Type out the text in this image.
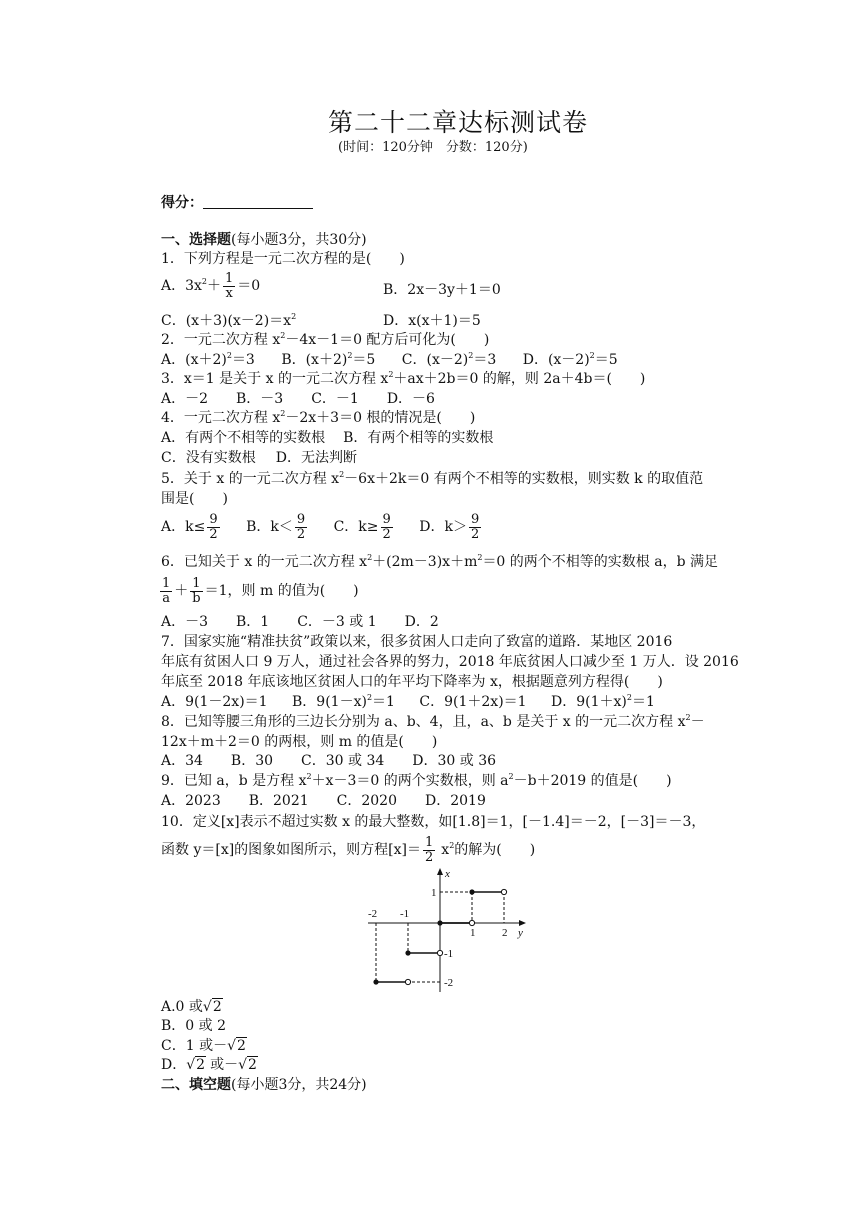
第二十二章达标测试卷
(时间：120分钟　分数：120分)
得分：
一、选择题(每小题3分，共30分)
1．下列方程是一元二次方程的是(　　)
A．$3x^2+ \frac{1}{x} =0$	B．2x－3y＋1＝0
C．$(x+3)(x-2)=x^2$	D．x(x＋1)＝5
2．一元二次方程 $x^2-4x-1=0$ 配方后可化为(　　)
A．$(x+2)^2=3$ B．$(x+2)^2=5$ C．$(x-2)^2=3$ D．$(x-2)^2=5$
3．x＝1 是关于 x 的一元二次方程 $x^2+ax+2b=0$ 的解，则 2a＋4b＝(　　)
A．－2　　B．－3　　C．－1　　D．－6
4．一元二次方程 $x^2-2x+3=0$ 根的情况是(　　)
A．有两个不相等的实数根 B．有两个相等的实数根
C．没有实数根 D．无法判断
5．关于 x 的一元二次方程 $x^2-6x+2k=0$ 有两个不相等的实数根，则实数 k 的取值范
围是(　　)
A．$k\le \frac{9}{2}$ B．$k< \frac{9}{2}$ C．$k\ge \frac{9}{2}$ D．$k> \frac{9}{2}$
6．已知关于 x 的一元二次方程 $x^2+(2m-3)x+m^2=0$ 的两个不相等的实数根 a，b 满足
$\frac{1}{a} + \frac{1}{b} =1$，则 m 的值为(　　)
A．－3　　B．1　　C．－3 或 1　　D．2
7．国家实施“精准扶贫”政策以来，很多贫困人口走向了致富的道路．某地区 2016
年底有贫困人口 9 万人，通过社会各界的努力，2018 年底贫困人口减少至 1 万人．设 2016
年底至 2018 年底该地区贫困人口的年平均下降率为 x，根据题意列方程得(　　)
A．9(1－2x)＝1 B．$9(1-x)^2=1$ C．9(1＋2x)＝1 D．$9(1+x)^2=1$
8．已知等腰三角形的三边长分别为 a、b、4，且，a、b 是关于 x 的一元二次方程 $x^2-$
12x＋m＋2＝0 的两根，则 m 的值是(　　)
A．34　　B．30　　C．30 或 34　　D．30 或 36
9．已知 a，b 是方程 $x^2+x-3=0$ 的两个实数根，则 $a^2-b+2019$ 的值是(　　)
A．2023　　B．2021　　C．2020　　D．2019
10．定义[x]表示不超过实数 x 的最大整数，如[1.8]＝1，[－1.4]＝－2，[－3]＝－3，
函数 y＝[x]的图象如图所示，则方程$[x]= \frac{1}{2} x^2$的解为(　　)
x
y
-2 -1
1 2
1
-1
-2
A.0 或√2
B．0 或 2
C．1 或－√2
D．√2 或－√2
二、填空题(每小题3分，共24分)
